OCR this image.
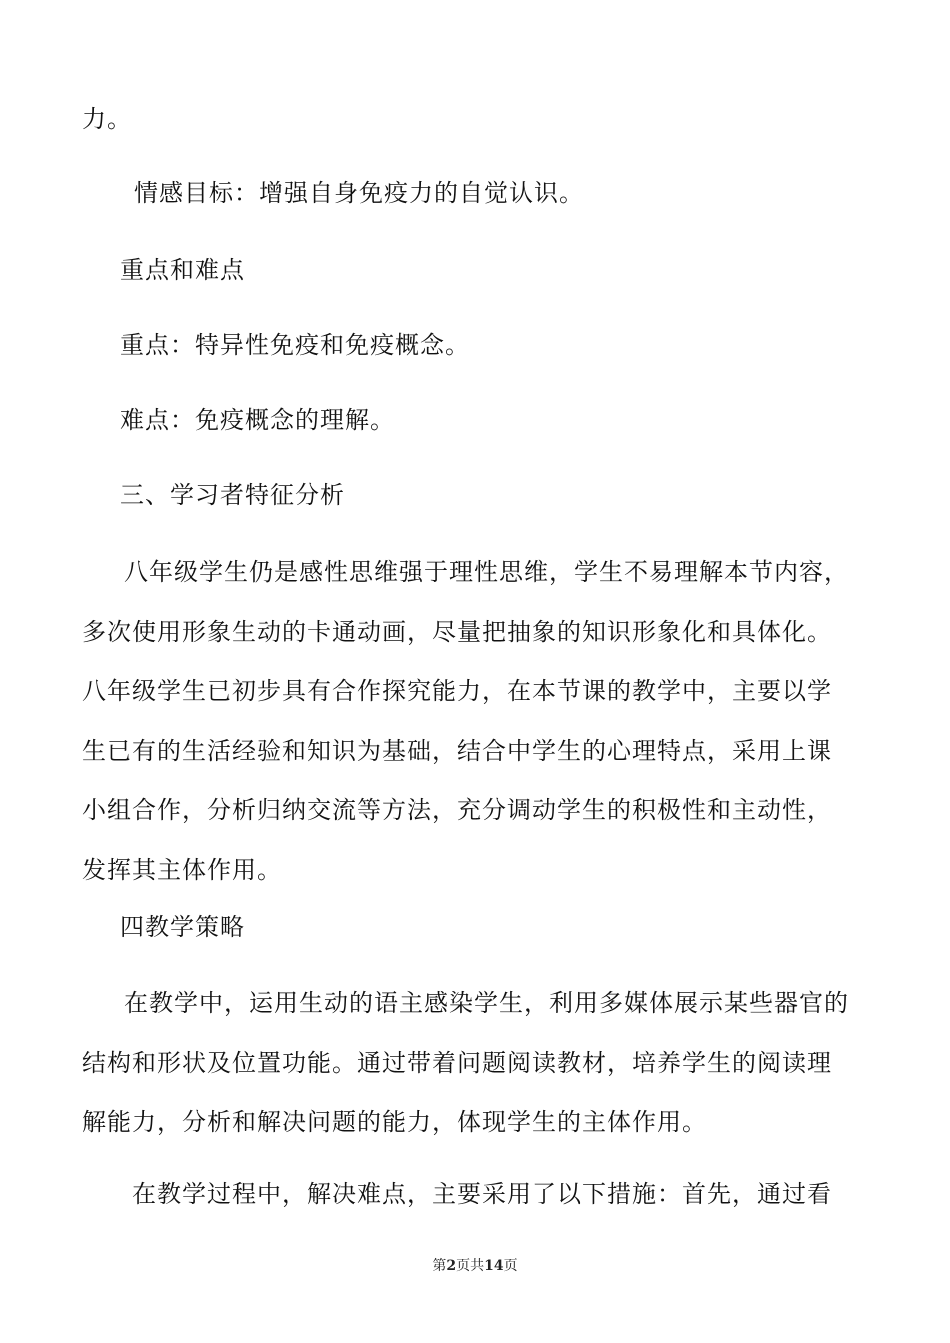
力。
情感目标：增强自身免疫力的自觉认识。
重点和难点
重点：特异性免疫和免疫概念。
难点：免疫概念的理解。
三、学习者特征分析
八年级学生仍是感性思维强于理性思维，学生不易理解本节内容，
多次使用形象生动的卡通动画，尽量把抽象的知识形象化和具体化。
八年级学生已初步具有合作探究能力，在本节课的教学中，主要以学
生已有的生活经验和知识为基础，结合中学生的心理特点，采用上课
小组合作，分析归纳交流等方法，充分调动学生的积极性和主动性，
发挥其主体作用。
四教学策略
在教学中，运用生动的语主感染学生，利用多媒体展示某些器官的
结构和形状及位置功能。通过带着问题阅读教材，培养学生的阅读理
解能力，分析和解决问题的能力，体现学生的主体作用。
在教学过程中，解决难点，主要采用了以下措施：首先，通过看
第2页共14页
